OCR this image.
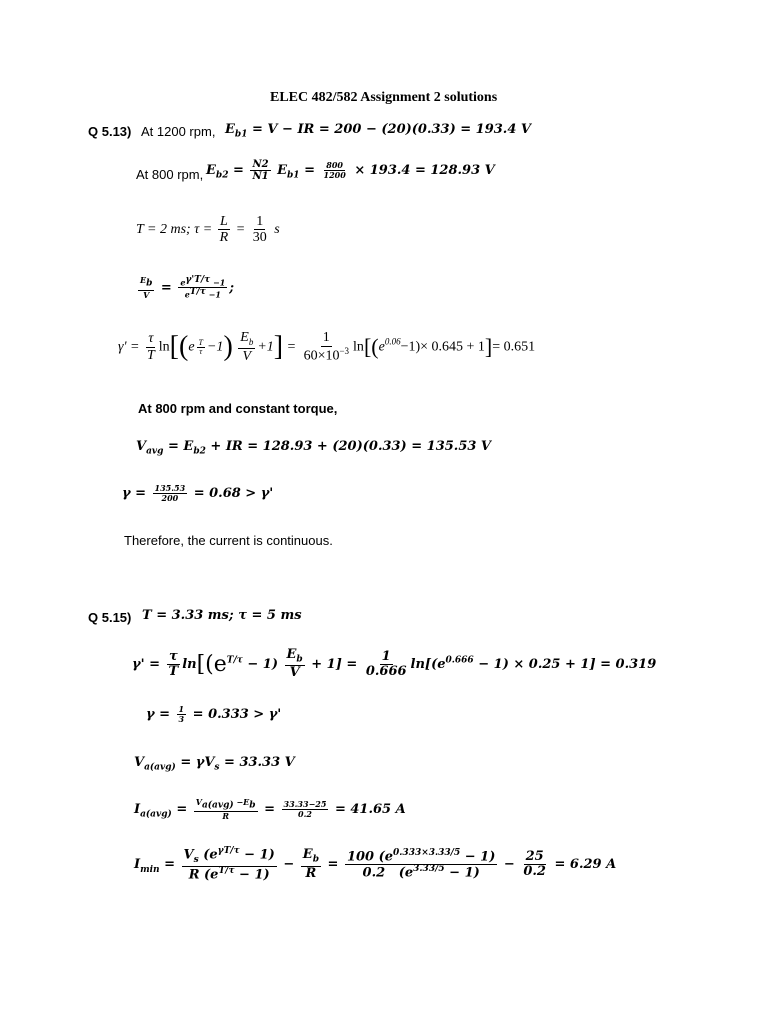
ELEC 482/582 Assignment 2 solutions
Q 5.13) At 1200 rpm, $E_{b1} = V$ − IR = 200 − (20)(0.33) = 193.4 V
At 800 rpm, $E_{b2} = \frac{N2}{N1} E_{b1} = \frac{800}{1200} \times 193.4 = 128.93$ V
T = 2 ms; $\tau = \frac{L}{R} = \frac{1}{30}$ s
$\frac{E_b}{V} = \frac{e^{\gamma'T/\tau} -1}{e^{T/\tau} -1}$ ;
$\gamma' = \frac{\tau}{T} \ln[(e$ $^{\frac{T}{\tau}} -1) \frac{E_b}{V} +1] = \frac{1}{60\times 10^{-3}} \ln[(e^{0.06}-1)\times 0.645 + 1]= 0.651$
At 800 rpm and constant torque,
$V_{avg} = E_{b2}$ + IR = 128.93 + (20)(0.33) = 135.53 V
$\gamma = \frac{135.53}{200} = 0.68 > \gamma'$
Therefore, the current is continuous.
Q 5.15) T = 3.33 ms; τ = 5 ms
$\gamma' = \frac{\tau}{T} \ln[(e^{T/\tau} - 1) \frac{E_b}{V} + 1] = \frac{1}{0.666} \ln[(e^{0.666} - 1) \times 0.25 + 1] = 0.319$
$\gamma = \frac{1}{3} = 0.333 > \gamma'$
$V_{a(avg)} = \gamma V_s = 33.33$ V
$I_{a(avg)} = \frac{V_{a(avg)} -E_b}{R} = \frac{33.33-25}{0.2} = 41.65$ A
$I_{min} = \frac{V_s (e^{\gamma T/\tau} - 1)}{R (e^{T/\tau} - 1)} - \frac{E_b}{R} = \frac{100 (e^{0.333\times 3.33/5} - 1)}{0.2 (e^{3.33/5} - 1)} - \frac{25}{0.2} = 6.29$ A
